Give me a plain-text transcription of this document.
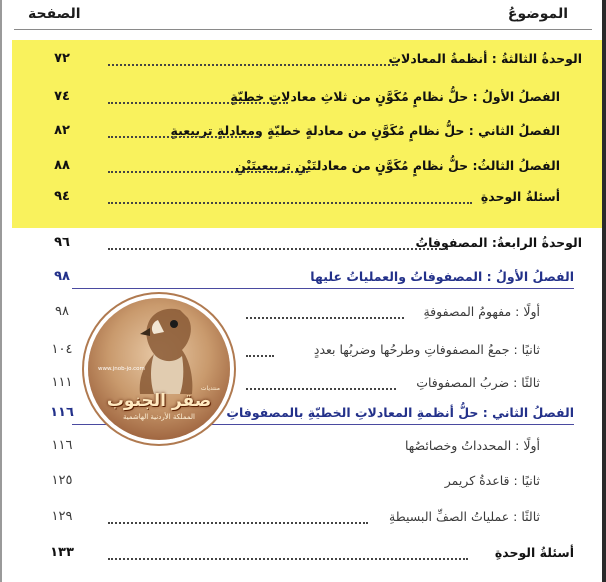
الموضوعُ
الصفحة
الوحدةُ الثالثةُ : أنظمةُ المعادلاتِ
٧٢
الفصلُ الأولُ : حلُّ نظامٍ مُكَوَّنٍ من ثلاثِ معادلاتٍ خطيّةٍ
٧٤
الفصلُ الثاني : حلُّ نظامٍ مُكَوَّنٍ من معادلةٍ خطيّةٍ ومعادلةٍ تربيعيةٍ
٨٢
الفصلُ الثالثُ: حلُّ نظامٍ مُكَوَّنٍ من معادلتَيْنِ تربيعيتَيْنِ
٨٨
أسئلةُ الوحدةِ
٩٤
الوحدةُ الرابعةُ: المصفوفاتُ
٩٦
الفصلُ الأولُ : المصفوفاتُ والعملياتُ عليها
٩٨
أولًا : مفهومُ المصفوفةِ
٩٨
ثانيًا : جمعُ المصفوفاتِ وطرحُها وضربُها بعددٍ
١٠٤
ثالثًا : ضربُ المصفوفاتِ
١١١
الفصلُ الثاني : حلُّ أنظمةِ المعادلاتِ الخطيّةِ بالمصفوفاتِ
١١٦
أولًا : المحدداتُ وخصائصُها
١١٦
ثانيًا : قاعدةُ كريمر
١٢٥
ثالثًا : عملياتُ الصفِّ البسيطةِ
١٢٩
أسئلةُ الوحدةِ
١٣٣
www.jnob-jo.com
منتديات
صقر الجنوب
المملكة الأردنية الهاشمية
